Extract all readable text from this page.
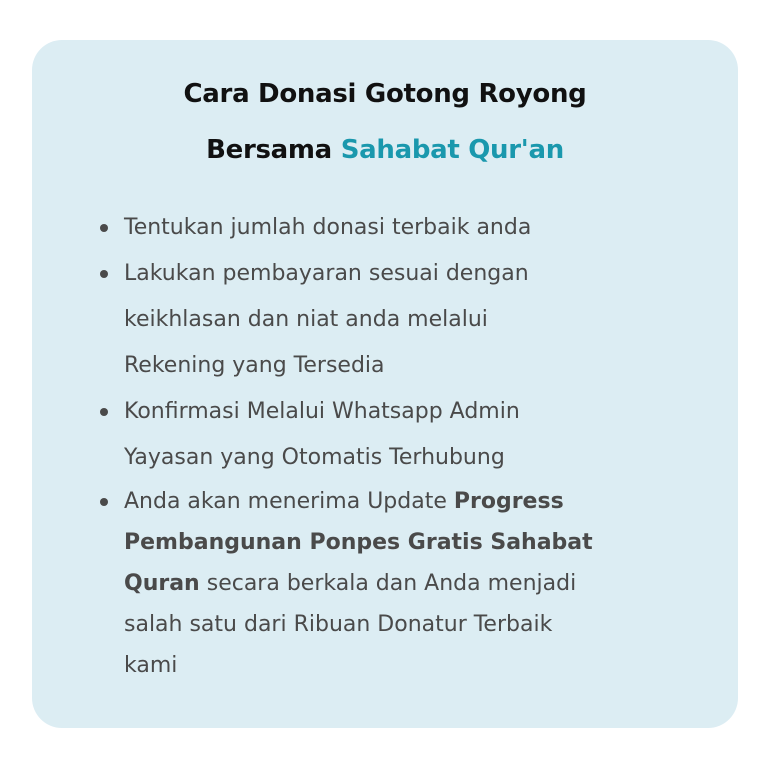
Cara Donasi Gotong Royong
Bersama Sahabat Qur'an
Tentukan jumlah donasi terbaik anda
Lakukan pembayaran sesuai dengan
keikhlasan dan niat anda melalui
Rekening yang Tersedia
Konfirmasi Melalui Whatsapp Admin
Yayasan yang Otomatis Terhubung
Anda akan menerima Update Progress
Pembangunan Ponpes Gratis Sahabat
Quran secara berkala dan Anda menjadi
salah satu dari Ribuan Donatur Terbaik
kami
